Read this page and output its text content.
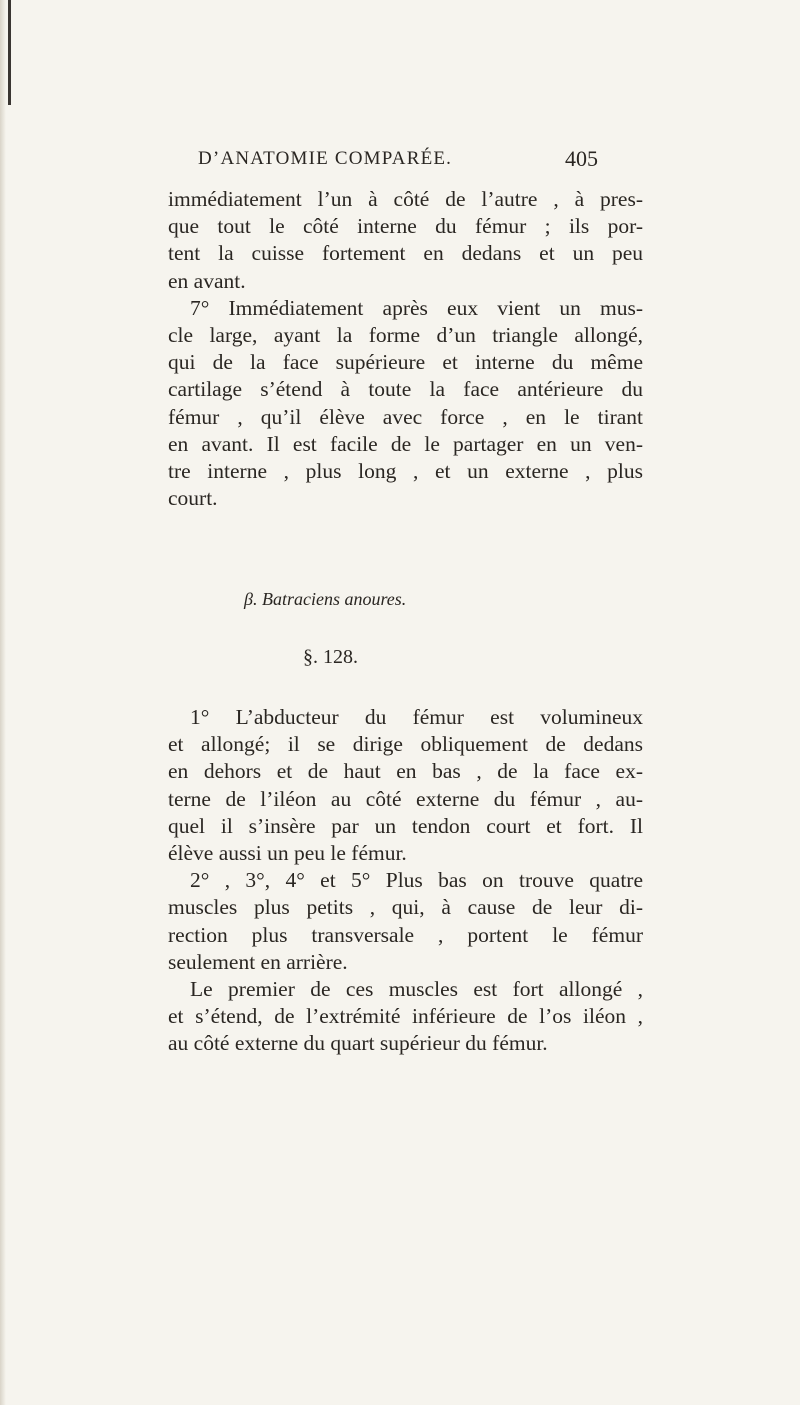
D’ANATOMIE COMPARÉE.	405
immédiatement l’un à côté de l’autre , à pres-
que tout le côté interne du fémur ; ils por-
tent la cuisse fortement en dedans et un peu
en avant.
7° Immédiatement après eux vient un mus-
cle large, ayant la forme d’un triangle allongé,
qui de la face supérieure et interne du même
cartilage s’étend à toute la face antérieure du
fémur , qu’il élève avec force , en le tirant
en avant. Il est facile de le partager en un ven-
tre interne , plus long , et un externe , plus
court.
β. Batraciens anoures.
§. 128.
1° L’abducteur du fémur est volumineux
et allongé; il se dirige obliquement de dedans
en dehors et de haut en bas , de la face ex-
terne de l’iléon au côté externe du fémur , au-
quel il s’insère par un tendon court et fort. Il
élève aussi un peu le fémur.
2° , 3°, 4° et 5° Plus bas on trouve quatre
muscles plus petits , qui, à cause de leur di-
rection plus transversale , portent le fémur
seulement en arrière.
Le premier de ces muscles est fort allongé ,
et s’étend, de l’extrémité inférieure de l’os iléon ,
au côté externe du quart supérieur du fémur.
